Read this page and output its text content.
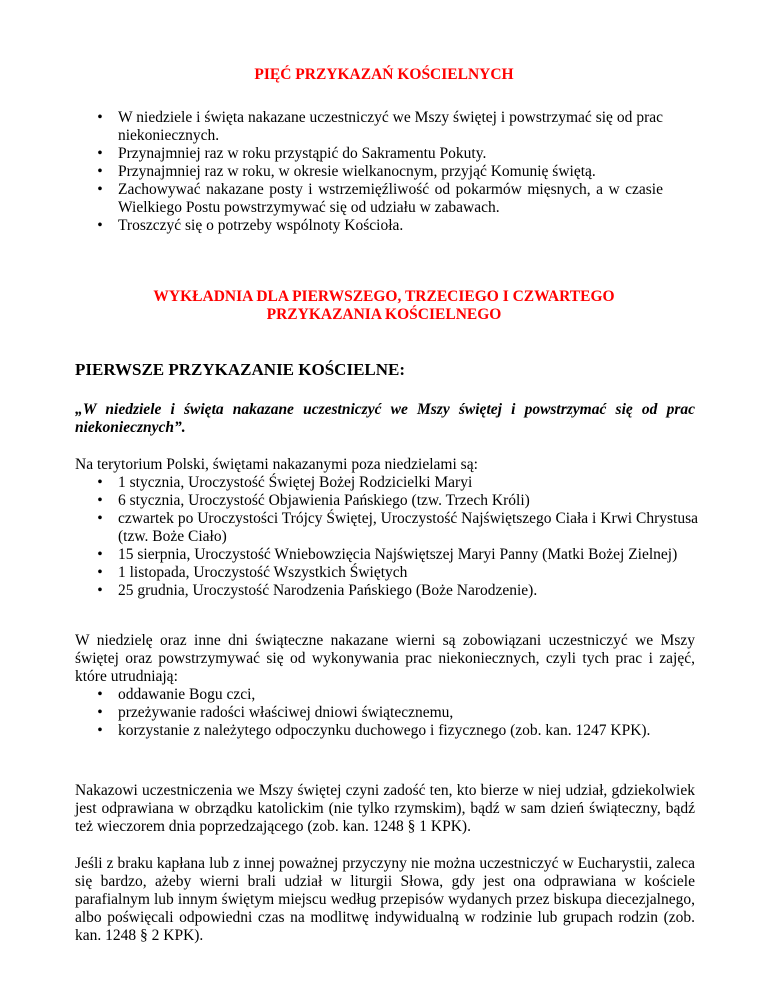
PIĘĆ PRZYKAZAŃ KOŚCIELNYCH
• W niedziele i święta nakazane uczestniczyć we Mszy świętej i powstrzymać się od prac niekoniecznych.
• Przynajmniej raz w roku przystąpić do Sakramentu Pokuty.
• Przynajmniej raz w roku, w okresie wielkanocnym, przyjąć Komunię świętą.
• Zachowywać nakazane posty i wstrzemięźliwość od pokarmów mięsnych, a w czasie Wielkiego Postu powstrzymywać się od udziału w zabawach.
• Troszczyć się o potrzeby wspólnoty Kościoła.
WYKŁADNIA DLA PIERWSZEGO, TRZECIEGO I CZWARTEGO
PRZYKAZANIA KOŚCIELNEGO
PIERWSZE PRZYKAZANIE KOŚCIELNE:
„W niedziele i święta nakazane uczestniczyć we Mszy świętej i powstrzymać się od prac niekoniecznych”.
Na terytorium Polski, świętami nakazanymi poza niedzielami są:
• 1 stycznia, Uroczystość Świętej Bożej Rodzicielki Maryi
• 6 stycznia, Uroczystość Objawienia Pańskiego (tzw. Trzech Króli)
• czwartek po Uroczystości Trójcy Świętej, Uroczystość Najświętszego Ciała i Krwi Chrystusa (tzw. Boże Ciało)
• 15 sierpnia, Uroczystość Wniebowzięcia Najświętszej Maryi Panny (Matki Bożej Zielnej)
• 1 listopada, Uroczystość Wszystkich Świętych
• 25 grudnia, Uroczystość Narodzenia Pańskiego (Boże Narodzenie).
W niedzielę oraz inne dni świąteczne nakazane wierni są zobowiązani uczestniczyć we Mszy świętej oraz powstrzymywać się od wykonywania prac niekoniecznych, czyli tych prac i zajęć, które utrudniają:
• oddawanie Bogu czci,
• przeżywanie radości właściwej dniowi świątecznemu,
• korzystanie z należytego odpoczynku duchowego i fizycznego (zob. kan. 1247 KPK).
Nakazowi uczestniczenia we Mszy świętej czyni zadość ten, kto bierze w niej udział, gdziekolwiek jest odprawiana w obrządku katolickim (nie tylko rzymskim), bądź w sam dzień świąteczny, bądź też wieczorem dnia poprzedzającego (zob. kan. 1248 § 1 KPK).
Jeśli z braku kapłana lub z innej poważnej przyczyny nie można uczestniczyć w Eucharystii, zaleca się bardzo, ażeby wierni brali udział w liturgii Słowa, gdy jest ona odprawiana w kościele parafialnym lub innym świętym miejscu według przepisów wydanych przez biskupa diecezjalnego, albo poświęcali odpowiedni czas na modlitwę indywidualną w rodzinie lub grupach rodzin (zob. kan. 1248 § 2 KPK).
